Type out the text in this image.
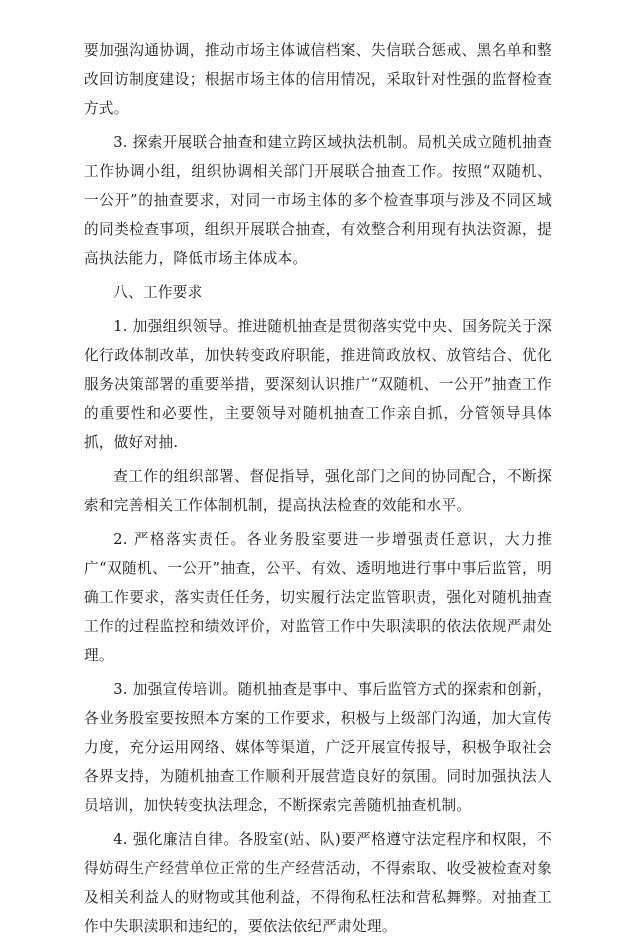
要加强沟通协调，推动市场主体诚信档案、失信联合惩戒、黑名单和整改回访制度建设；根据市场主体的信用情况，采取针对性强的监督检查方式。

3. 探索开展联合抽查和建立跨区域执法机制。局机关成立随机抽查工作协调小组，组织协调相关部门开展联合抽查工作。按照“双随机、一公开”的抽查要求，对同一市场主体的多个检查事项与涉及不同区域的同类检查事项，组织开展联合抽查，有效整合利用现有执法资源，提高执法能力，降低市场主体成本。

八、工作要求

1. 加强组织领导。推进随机抽查是贯彻落实党中央、国务院关于深化行政体制改革，加快转变政府职能，推进简政放权、放管结合、优化服务决策部署的重要举措，要深刻认识推广“双随机、一公开”抽查工作的重要性和必要性，主要领导对随机抽查工作亲自抓，分管领导具体抓，做好对抽.

查工作的组织部署、督促指导，强化部门之间的协同配合，不断探索和完善相关工作体制机制，提高执法检查的效能和水平。

2. 严格落实责任。各业务股室要进一步增强责任意识，大力推广“双随机、一公开”抽查，公平、有效、透明地进行事中事后监管，明确工作要求，落实责任任务，切实履行法定监管职责，强化对随机抽查工作的过程监控和绩效评价，对监管工作中失职渎职的依法依规严肃处理。

3. 加强宣传培训。随机抽查是事中、事后监管方式的探索和创新，各业务股室要按照本方案的工作要求，积极与上级部门沟通，加大宣传力度，充分运用网络、媒体等渠道，广泛开展宣传报导，积极争取社会各界支持，为随机抽查工作顺利开展营造良好的氛围。同时加强执法人员培训，加快转变执法理念，不断探索完善随机抽查机制。

4. 强化廉洁自律。各股室(站、队)要严格遵守法定程序和权限，不得妨碍生产经营单位正常的生产经营活动，不得索取、收受被检查对象及相关利益人的财物或其他利益，不得徇私枉法和营私舞弊。对抽查工作中失职渎职和违纪的，要依法依纪严肃处理。
